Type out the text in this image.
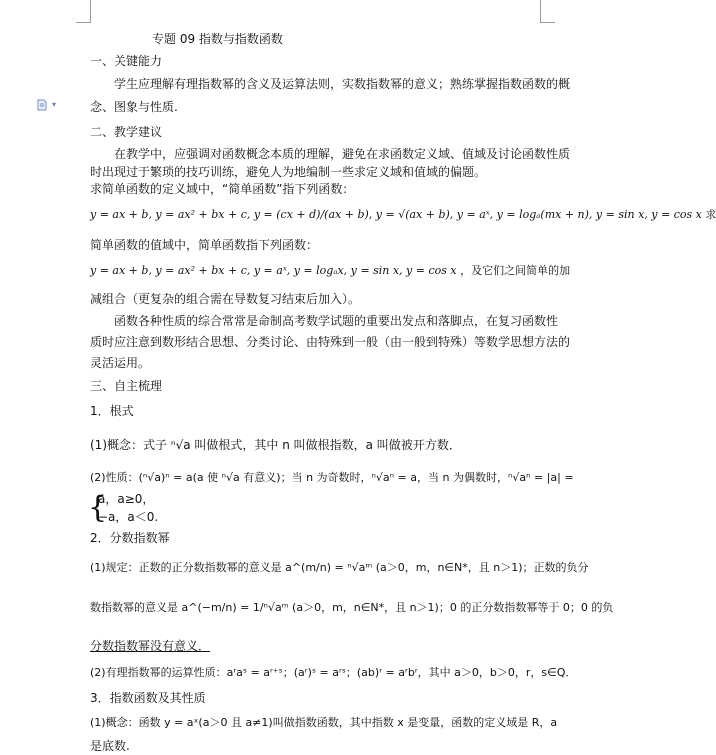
▾
专题 09 指数与指数函数
一、关键能力
学生应理解有理指数幂的含义及运算法则，实数指数幂的意义；熟练掌握指数函数的概
念、图象与性质.
二、教学建议
在教学中，应强调对函数概念本质的理解，避免在求函数定义域、值域及讨论函数性质
时出现过于繁琐的技巧训练，避免人为地编制一些求定义域和值域的偏题。
求简单函数的定义域中，“简单函数”指下列函数：
y = ax + b, y = ax² + bx + c, y = (cx + d)/(ax + b), y = √(ax + b), y = aˣ, y = logₐ(mx + n), y = sin x, y = cos x 求
简单函数的值域中，简单函数指下列函数：
y = ax + b, y = ax² + bx + c, y = aˣ, y = logₐx, y = sin x, y = cos x ，及它们之间简单的加
减组合（更复杂的组合需在导数复习结束后加入）。
函数各种性质的综合常常是命制高考数学试题的重要出发点和落脚点，在复习函数性
质时应注意到数形结合思想、分类讨论、由特殊到一般（由一般到特殊）等数学思想方法的
灵活运用。
三、自主梳理
1．根式
(1)概念：式子 ⁿ√a 叫做根式，其中 n 叫做根指数，a 叫做被开方数．
(2)性质：(ⁿ√a)ⁿ = a(a 使 ⁿ√a 有意义)；当 n 为奇数时，ⁿ√aⁿ = a，当 n 为偶数时，ⁿ√aⁿ = |a| =
{
a，a≥0，
−a，a＜0.
2．分数指数幂
(1)规定：正数的正分数指数幂的意义是 a^(m/n) = ⁿ√aᵐ (a＞0，m，n∈N*，且 n＞1)；正数的负分
数指数幂的意义是 a^(−m/n) = 1/ⁿ√aᵐ (a＞0，m，n∈N*，且 n＞1)；0 的正分数指数幂等于 0；0 的负
分数指数幂没有意义．
(2)有理指数幂的运算性质：aʳaˢ = aʳ⁺ˢ；(aʳ)ˢ = aʳˢ；(ab)ʳ = aʳbʳ，其中 a＞0，b＞0，r，s∈Q．
3．指数函数及其性质
(1)概念：函数 y = aˣ(a＞0 且 a≠1)叫做指数函数，其中指数 x 是变量，函数的定义域是 R，a
是底数.
